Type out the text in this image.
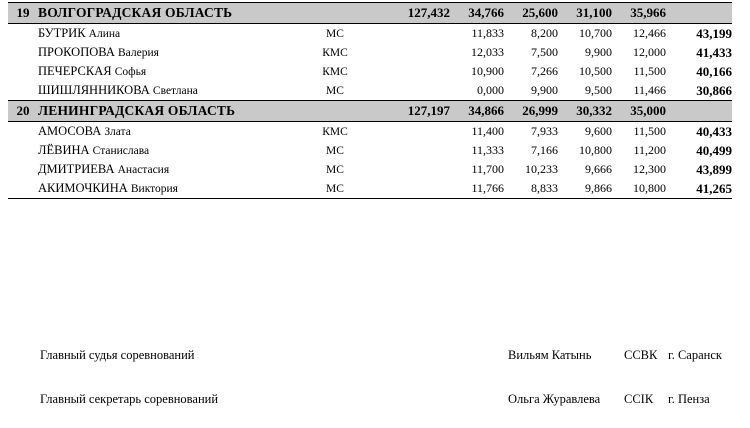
19	ВОЛГОГРАДСКАЯ ОБЛАСТЬ		127,432	34,766	25,600	31,100	35,966	
	БУТРИК Алина	МС		11,833	8,200	10,700	12,466	43,199
	ПРОКОПОВА Валерия	КМС		12,033	7,500	9,900	12,000	41,433
	ПЕЧЕРСКАЯ Софья	КМС		10,900	7,266	10,500	11,500	40,166
	ШИШЛЯННИКОВА Светлана	МС		0,000	9,900	9,500	11,466	30,866
20	ЛЕНИНГРАДСКАЯ ОБЛАСТЬ		127,197	34,866	26,999	30,332	35,000	
	АМОСОВА Злата	КМС		11,400	7,933	9,600	11,500	40,433
	ЛЁВИНА Станислава	МС		11,333	7,166	10,800	11,200	40,499
	ДМИТРИЕВА Анастасия	МС		11,700	10,233	9,666	12,300	43,899
	АКИМОЧКИНА Виктория	МС		11,766	8,833	9,866	10,800	41,265
Главный судья соревнований	Вильям Катынь	ССВК г. Саранск
Главный секретарь соревнований	Ольга Журавлева ССIК г. Пенза
